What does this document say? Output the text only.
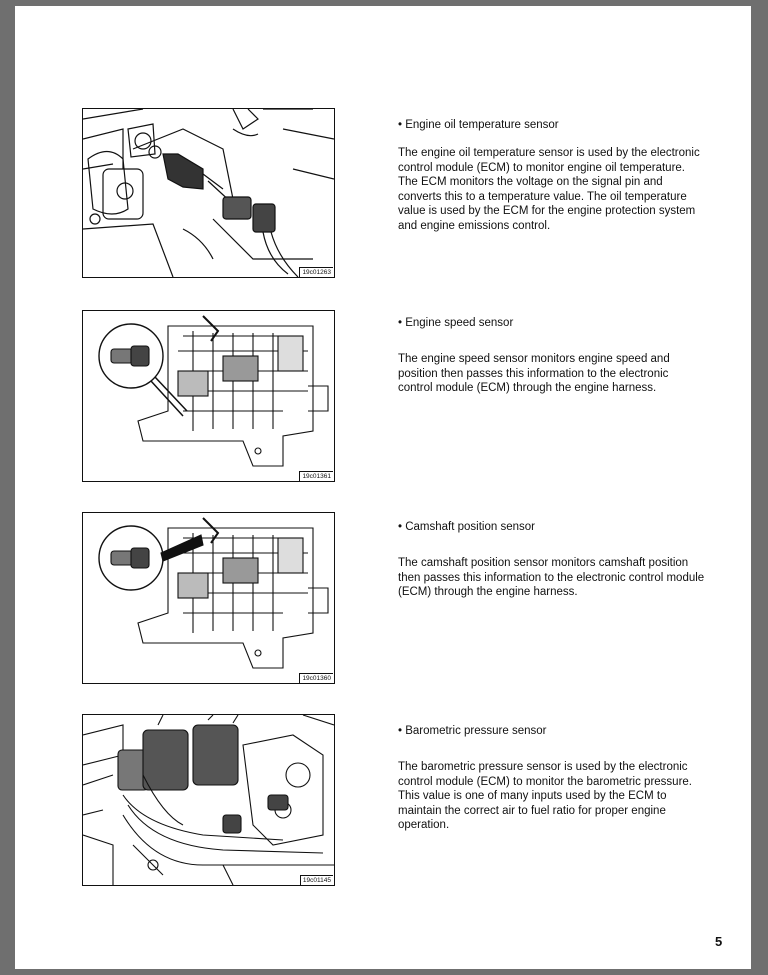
19c01263

• Engine oil temperature sensor

The engine oil temperature sensor is used by the electronic control module (ECM) to monitor engine oil temperature. The ECM monitors the voltage on the signal pin and converts this to a temperature value. The oil temperature value is used by the ECM for the engine protection system and engine emissions control.

19c01361

• Engine speed sensor

The engine speed sensor monitors engine speed and position then passes this information to the electronic control module (ECM) through the engine harness.

19c01360

• Camshaft position sensor

The camshaft position sensor monitors camshaft position then passes this information to the electronic control module (ECM) through the engine harness.

19c01145

• Barometric pressure sensor

The barometric pressure sensor is used by the electronic control module (ECM) to monitor the barometric pressure. This value is one of many inputs used by the ECM to maintain the correct air to fuel ratio for proper engine operation.

5
